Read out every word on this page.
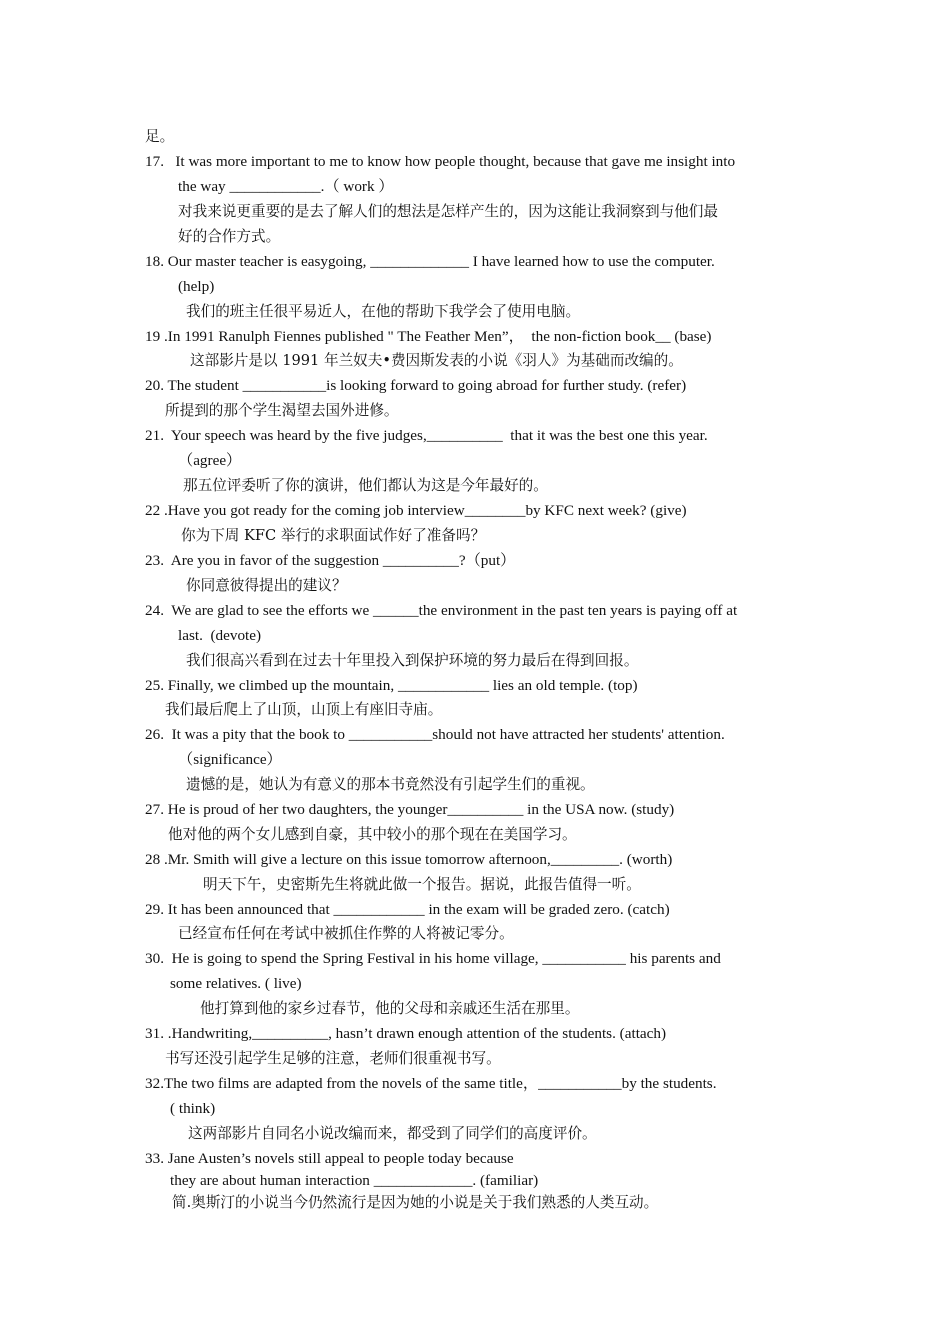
足。
17.   It was more important to me to know how people thought, because that gave me insight into
the way ____________.（ work ）
对我来说更重要的是去了解人们的想法是怎样产生的，因为这能让我洞察到与他们最
好的合作方式。
18. Our master teacher is easygoing, _____________ I have learned how to use the computer.
(help)
我们的班主任很平易近人，在他的帮助下我学会了使用电脑。
19 .In 1991 Ranulph Fiennes published " The Feather Men”，  the non-fiction book__ (base)
这部影片是以 1991 年兰奴夫•费因斯发表的小说《羽人》为基础而改编的。
20. The student ___________is looking forward to going abroad for further study. (refer)
所提到的那个学生渴望去国外进修。
21.  Your speech was heard by the five judges,__________  that it was the best one this year.
（agree）
那五位评委听了你的演讲，他们都认为这是今年最好的。
22 .Have you got ready for the coming job interview________by KFC next week? (give)
你为下周 KFC 举行的求职面试作好了准备吗？
23.  Are you in favor of the suggestion __________?（put）
你同意彼得提出的建议？
24.  We are glad to see the efforts we ______the environment in the past ten years is paying off at
last.  (devote)
我们很高兴看到在过去十年里投入到保护环境的努力最后在得到回报。
25. Finally, we climbed up the mountain, ____________ lies an old temple. (top)
我们最后爬上了山顶，山顶上有座旧寺庙。
26.  It was a pity that the book to ___________should not have attracted her students' attention.
（significance）
遗憾的是，她认为有意义的那本书竟然没有引起学生们的重视。
27. He is proud of her two daughters, the younger__________ in the USA now. (study)
他对他的两个女儿感到自豪，其中较小的那个现在在美国学习。
28 .Mr. Smith will give a lecture on this issue tomorrow afternoon,_________. (worth)
明天下午，史密斯先生将就此做一个报告。据说，此报告值得一听。
29. It has been announced that ____________ in the exam will be graded zero. (catch)
已经宣布任何在考试中被抓住作弊的人将被记零分。
30.  He is going to spend the Spring Festival in his home village, ___________ his parents and
some relatives. ( live)
他打算到他的家乡过春节，他的父母和亲戚还生活在那里。
31. .Handwriting,__________, hasn’t drawn enough attention of the students. (attach)
书写还没引起学生足够的注意，老师们很重视书写。
32.The two films are adapted from the novels of the same title，___________by the students.
( think)
这两部影片自同名小说改编而来，都受到了同学们的高度评价。
33. Jane Austen’s novels still appeal to people today because
they are about human interaction _____________. (familiar)
简.奥斯汀的小说当今仍然流行是因为她的小说是关于我们熟悉的人类互动。
